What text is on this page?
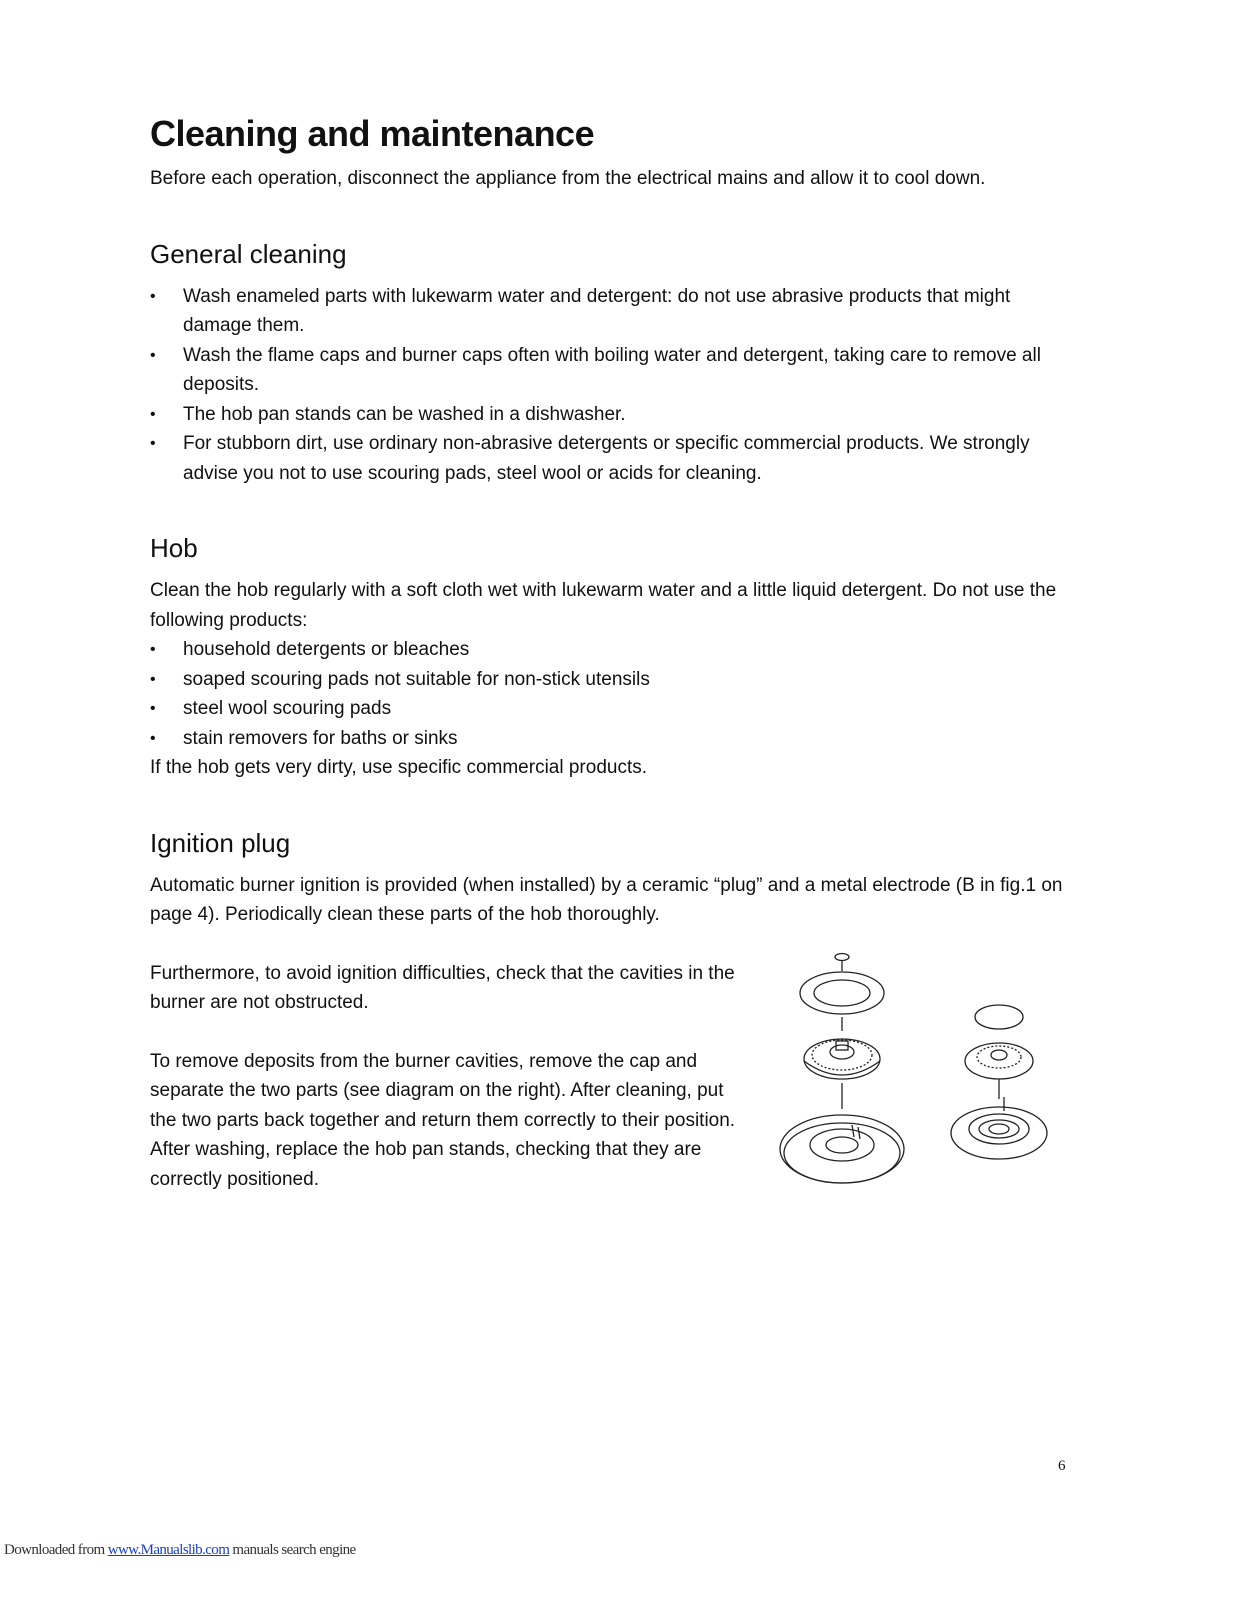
Cleaning and maintenance

Before each operation, disconnect the appliance from the electrical mains and allow it to cool down.

General cleaning
•	Wash enameled parts with lukewarm water and detergent: do not use abrasive products that might damage them.
•	Wash the flame caps and burner caps often with boiling water and detergent, taking care to remove all deposits.
•	The hob pan stands can be washed in a dishwasher.
•	For stubborn dirt, use ordinary non-abrasive detergents or specific commercial products. We strongly advise you not to use scouring pads, steel wool or acids for cleaning.
Hob

Clean the hob regularly with a soft cloth wet with lukewarm water and a little liquid detergent. Do not use the following products:

•	household detergents or bleaches
•	soaped scouring pads not suitable for non-stick utensils
•	steel wool scouring pads
•	stain removers for baths or sinks

If the hob gets very dirty, use specific commercial products.

Ignition plug

Automatic burner ignition is provided (when installed) by a ceramic “plug” and a metal electrode (B in fig.1 on page 4). Periodically clean these parts of the hob thoroughly.

Furthermore, to avoid ignition difficulties, check that the cavities in the burner are not obstructed.

To remove deposits from the burner cavities, remove the cap and separate the two parts (see diagram on the right). After cleaning, put the two parts back together and return them correctly to their position. After washing, replace the hob pan stands, checking that they are correctly positioned.

6
Downloaded from www.Manualslib.com manuals search engine
